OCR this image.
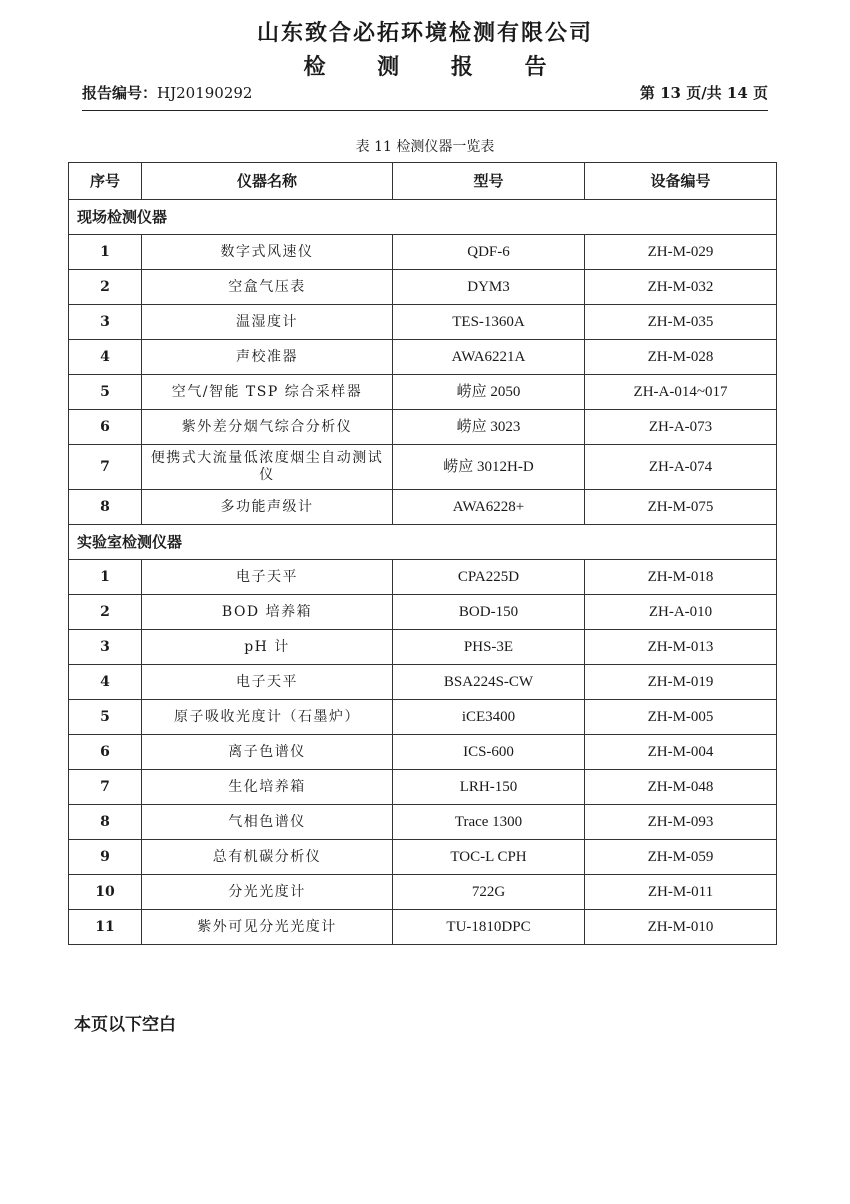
山东致合必拓环境检测有限公司
检 测 报 告
报告编号：HJ20190292	第 13 页/共 14 页
表 11 检测仪器一览表
序号	仪器名称	型号	设备编号
现场检测仪器			
1	数字式风速仪	QDF-6	ZH-M-029
2	空盒气压表	DYM3	ZH-M-032
3	温湿度计	TES-1360A	ZH-M-035
4	声校准器	AWA6221A	ZH-M-028
5	空气/智能 TSP 综合采样器	崂应 2050	ZH-A-014~017
6	紫外差分烟气综合分析仪	崂应 3023	ZH-A-073
7	便携式大流量低浓度烟尘自动测试仪	崂应 3012H-D	ZH-A-074
8	多功能声级计	AWA6228+	ZH-M-075
实验室检测仪器			
1	电子天平	CPA225D	ZH-M-018
2	BOD 培养箱	BOD-150	ZH-A-010
3	pH 计	PHS-3E	ZH-M-013
4	电子天平	BSA224S-CW	ZH-M-019
5	原子吸收光度计（石墨炉）	iCE3400	ZH-M-005
6	离子色谱仪	ICS-600	ZH-M-004
7	生化培养箱	LRH-150	ZH-M-048
8	气相色谱仪	Trace 1300	ZH-M-093
9	总有机碳分析仪	TOC-L CPH	ZH-M-059
10	分光光度计	722G	ZH-M-011
11	紫外可见分光光度计	TU-1810DPC	ZH-M-010
本页以下空白
